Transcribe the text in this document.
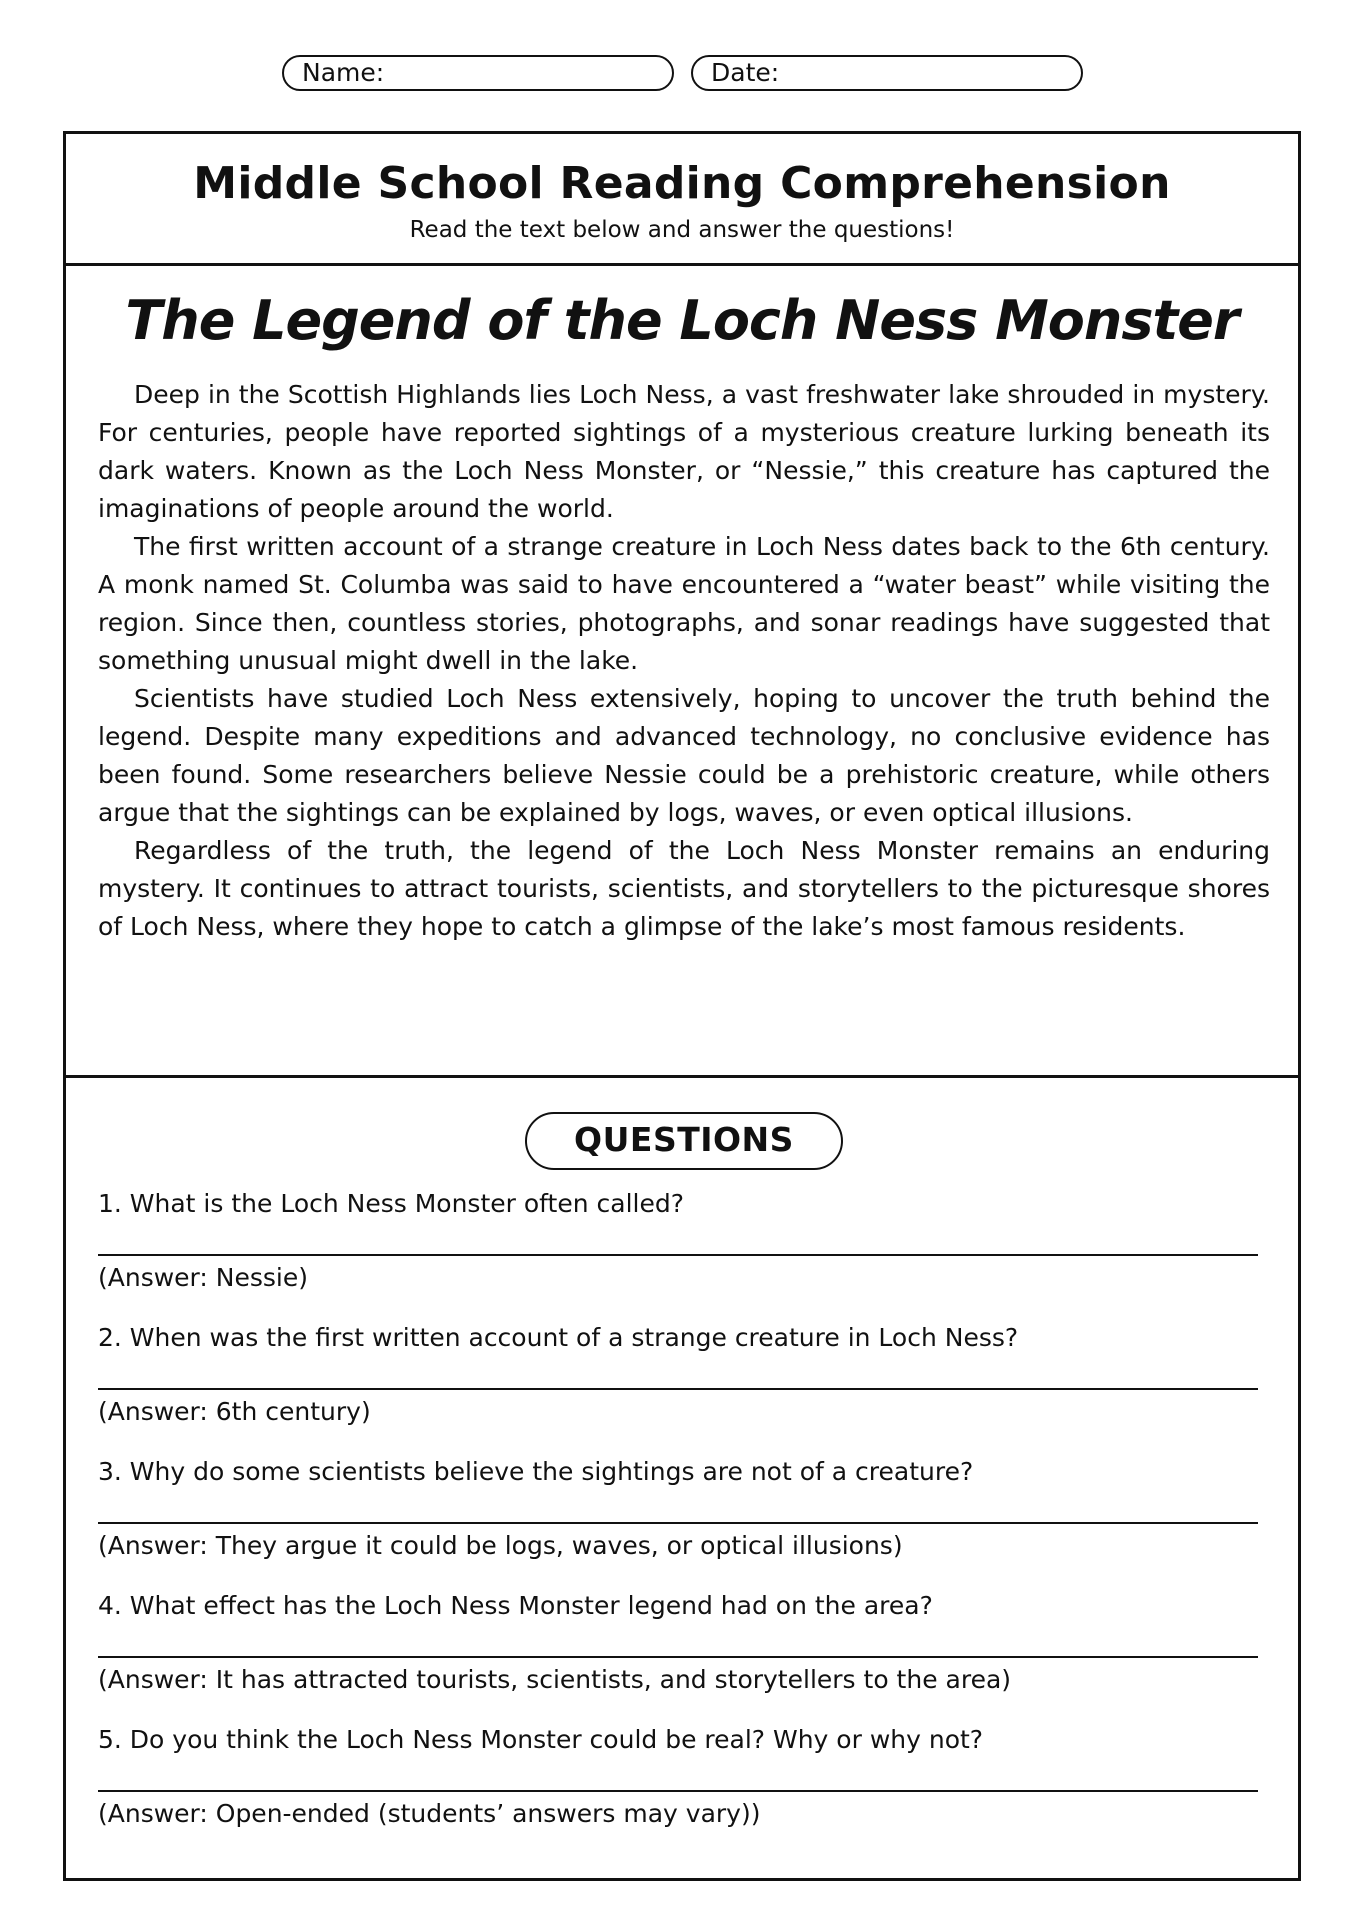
Name:	Date:
Middle School Reading Comprehension
Read the text below and answer the questions!
The Legend of the Loch Ness Monster

Deep in the Scottish Highlands lies Loch Ness, a vast freshwater lake shrouded in mystery. For centuries, people have reported sightings of a mysterious creature lurking beneath its dark waters. Known as the Loch Ness Monster, or “Nessie,” this creature has captured the imaginations of people around the world.

The first written account of a strange creature in Loch Ness dates back to the 6th century. A monk named St. Columba was said to have encountered a “water beast” while visiting the region. Since then, countless stories, photographs, and sonar readings have suggested that something unusual might dwell in the lake.

Scientists have studied Loch Ness extensively, hoping to uncover the truth behind the legend. Despite many expeditions and advanced technology, no conclusive evidence has been found. Some researchers believe Nessie could be a prehistoric creature, while others argue that the sightings can be explained by logs, waves, or even optical illusions.

Regardless of the truth, the legend of the Loch Ness Monster remains an enduring mystery. It continues to attract tourists, scientists, and storytellers to the picturesque shores of Loch Ness, where they hope to catch a glimpse of the lake’s most famous residents.

QUESTIONS

1. What is the Loch Ness Monster often called?

(Answer: Nessie)

2. When was the first written account of a strange creature in Loch Ness?

(Answer: 6th century)

3. Why do some scientists believe the sightings are not of a creature?

(Answer: They argue it could be logs, waves, or optical illusions)

4. What effect has the Loch Ness Monster legend had on the area?

(Answer: It has attracted tourists, scientists, and storytellers to the area)

5. Do you think the Loch Ness Monster could be real? Why or why not?

(Answer: Open-ended (students’ answers may vary))
